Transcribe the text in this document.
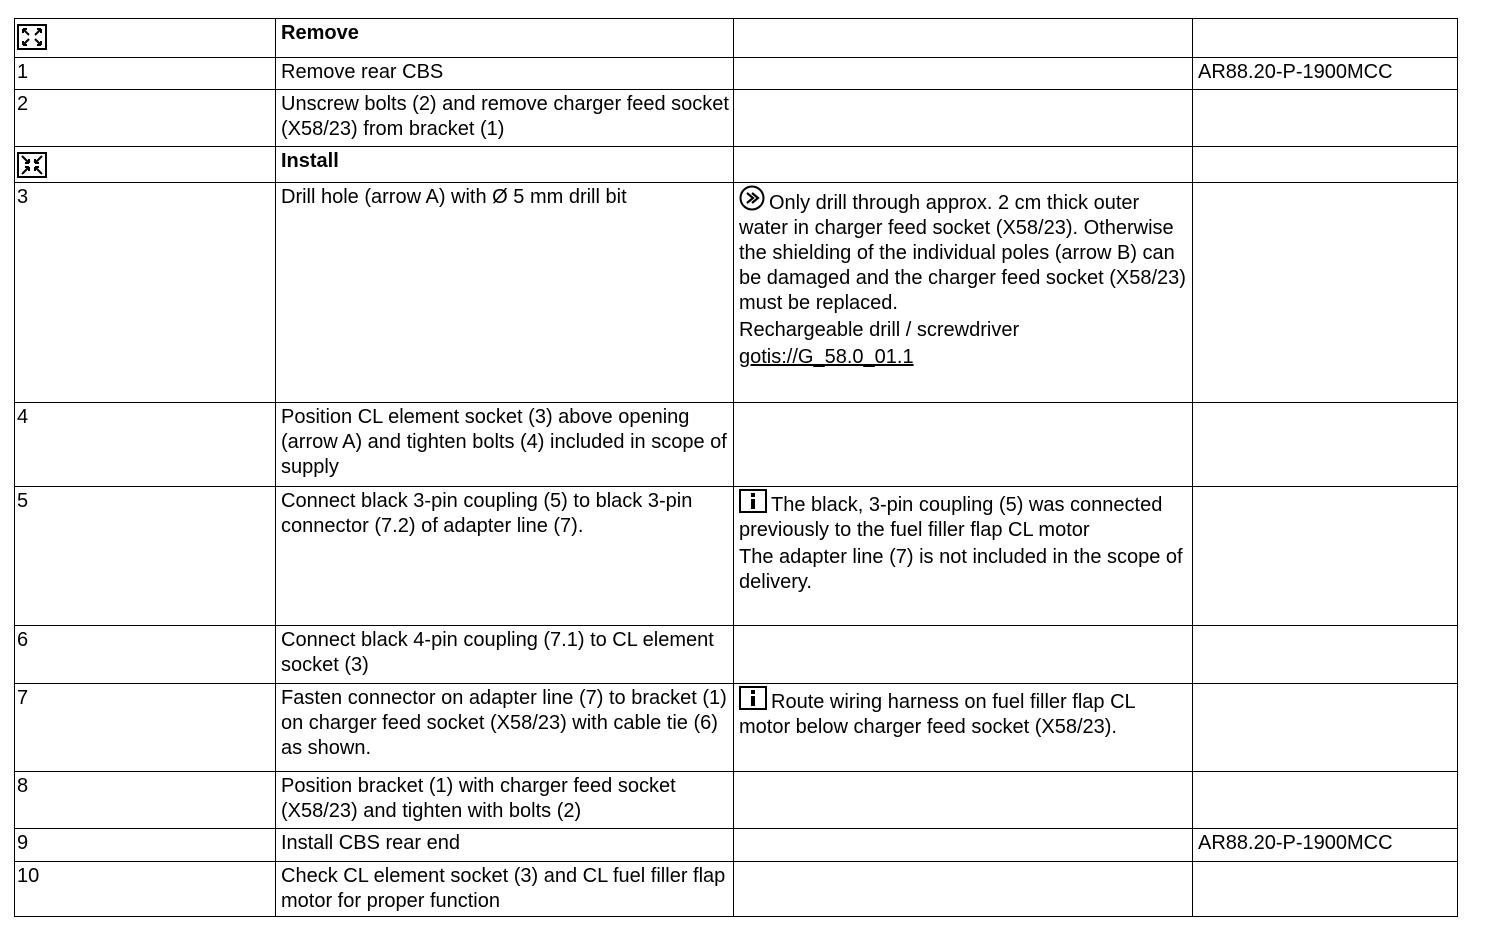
	Remove		
1	Remove rear CBS		AR88.20-P-1900MCC
2	Unscrew bolts (2) and remove charger feed socket (X58/23) from bracket (1)		

	Install		
3	Drill hole (arrow A) with Ø 5 mm drill bit	Only drill through approx. 2 cm thick outer water in charger feed socket (X58/23). Otherwise the shielding of the individual poles (arrow B) can be damaged and the charger feed socket (X58/23) must be replaced.

Rechargeable drill / screwdriver

gotis://G_58.0_01.1	

4	Position CL element socket (3) above opening (arrow A) and tighten bolts (4) included in scope of supply		
5	Connect black 3-pin coupling (5) to black 3-pin connector (7.2) of adapter line (7).	The black, 3-pin coupling (5) was connected previously to the fuel filler flap CL motor

The adapter line (7) is not included in the scope of delivery.	

6	Connect black 4-pin coupling (7.1) to CL element socket (3)		
7	Fasten connector on adapter line (7) to bracket (1) on charger feed socket (X58/23) with cable tie (6) as shown.	Route wiring harness on fuel filler flap CL motor below charger feed socket (X58/23).	

8	Position bracket (1) with charger feed socket (X58/23) and tighten with bolts (2)		
9	Install CBS rear end		AR88.20-P-1900MCC
10	Check CL element socket (3) and CL fuel filler flap motor for proper function		
